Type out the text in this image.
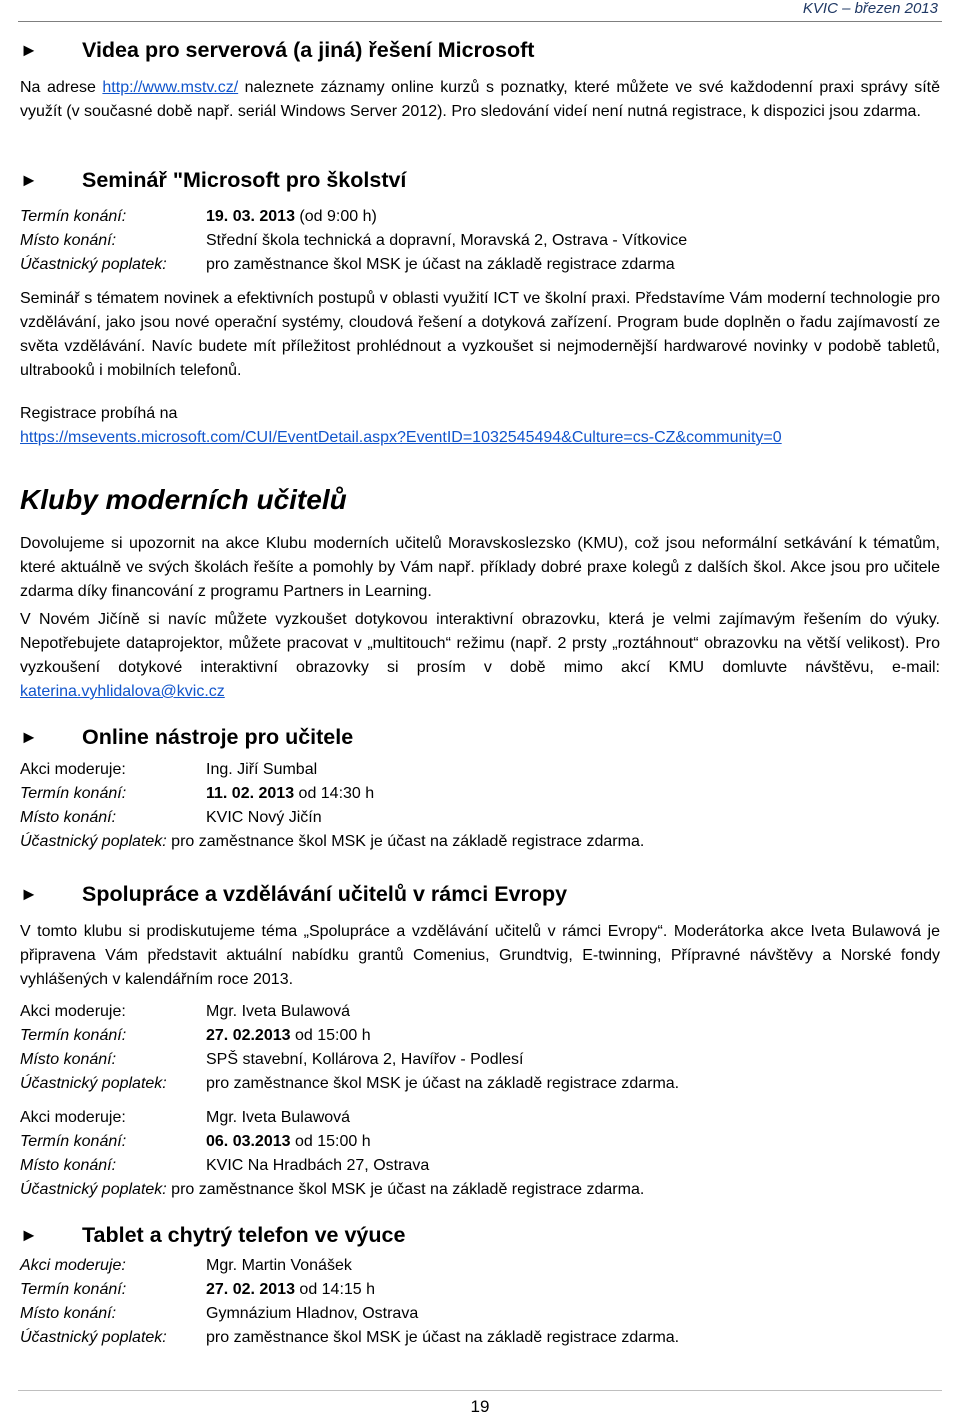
KVIC – březen 2013
►	Videa pro serverová (a jiná) řešení Microsoft
Na adrese http://www.mstv.cz/ naleznete záznamy online kurzů s poznatky, které můžete ve své každodenní praxi správy sítě využít (v současné době např. seriál Windows Server 2012). Pro sledování videí není nutná registrace, k dispozici jsou zdarma.
►	Seminář "Microsoft pro školství
Termín konání:	19. 03. 2013 (od 9:00 h)
Místo konání:	Střední škola technická a dopravní, Moravská 2, Ostrava - Vítkovice
Účastnický poplatek:	pro zaměstnance škol MSK je účast na základě registrace zdarma
Seminář s tématem novinek a efektivních postupů v oblasti využití ICT ve školní praxi. Představíme Vám moderní technologie pro vzdělávání, jako jsou nové operační systémy, cloudová řešení a dotyková zařízení. Program bude doplněn o řadu zajímavostí ze světa vzdělávání. Navíc budete mít příležitost prohlédnout a vyzkoušet si nejmodernější hardwarové novinky v podobě tabletů, ultrabooků i mobilních telefonů.
Registrace probíhá na
https://msevents.microsoft.com/CUI/EventDetail.aspx?EventID=1032545494&Culture=cs-CZ&community=0
Kluby moderních učitelů
Dovolujeme si upozornit na akce Klubu moderních učitelů Moravskoslezsko (KMU), což jsou neformální setkávání k tématům, které aktuálně ve svých školách řešíte a pomohly by Vám např. příklady dobré praxe kolegů z dalších škol. Akce jsou pro učitele zdarma díky financování z programu Partners in Learning.
V Novém Jičíně si navíc můžete vyzkoušet dotykovou interaktivní obrazovku, která je velmi zajímavým řešením do výuky. Nepotřebujete dataprojektor, můžete pracovat v „multitouch“ režimu (např. 2 prsty „roztáhnout“ obrazovku na větší velikost). Pro vyzkoušení dotykové interaktivní obrazovky si prosím v době mimo akcí KMU domluvte návštěvu, e-mail: katerina.vyhlidalova@kvic.cz
►	Online nástroje pro učitele
Akci moderuje:	Ing. Jiří Sumbal
Termín konání:	11. 02. 2013 od 14:30 h
Místo konání:	KVIC Nový Jičín
Účastnický poplatek: pro zaměstnance škol MSK je účast na základě registrace zdarma.
►	Spolupráce a vzdělávání učitelů v rámci Evropy
V tomto klubu si prodiskutujeme téma „Spolupráce a vzdělávání učitelů v rámci Evropy“. Moderátorka akce Iveta Bulawová je připravena Vám představit aktuální nabídku grantů Comenius, Grundtvig, E-twinning, Přípravné návštěvy a Norské fondy vyhlášených v kalendářním roce 2013.
Akci moderuje:	Mgr. Iveta Bulawová
Termín konání:	27. 02.2013 od 15:00 h
Místo konání:	SPŠ stavební, Kollárova 2, Havířov - Podlesí
Účastnický poplatek:	pro zaměstnance škol MSK je účast na základě registrace zdarma.
Akci moderuje:	Mgr. Iveta Bulawová
Termín konání:	06. 03.2013 od 15:00 h
Místo konání:	KVIC Na Hradbách 27, Ostrava
Účastnický poplatek: pro zaměstnance škol MSK je účast na základě registrace zdarma.
►	Tablet a chytrý telefon ve výuce
Akci moderuje:	Mgr. Martin Vonášek
Termín konání:	27. 02. 2013 od 14:15 h
Místo konání:	Gymnázium Hladnov, Ostrava
Účastnický poplatek:	pro zaměstnance škol MSK je účast na základě registrace zdarma.
19
